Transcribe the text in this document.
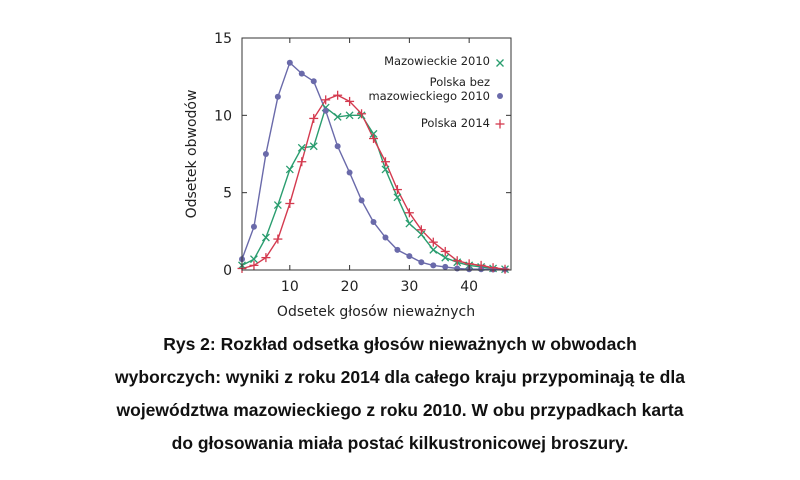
10	20	30	40
0
5
10
15
Odsetek głosów nieważnych
Odsetek obwodów
Mazowieckie 2010
Polska bez
mazowieckiego 2010
Polska 2014
Rys 2: Rozkład odsetka głosów nieważnych w obwodach
wyborczych: wyniki z roku 2014 dla całego kraju przypominają te dla
województwa mazowieckiego z roku 2010. W obu przypadkach karta
do głosowania miała postać kilkustronicowej broszury.
